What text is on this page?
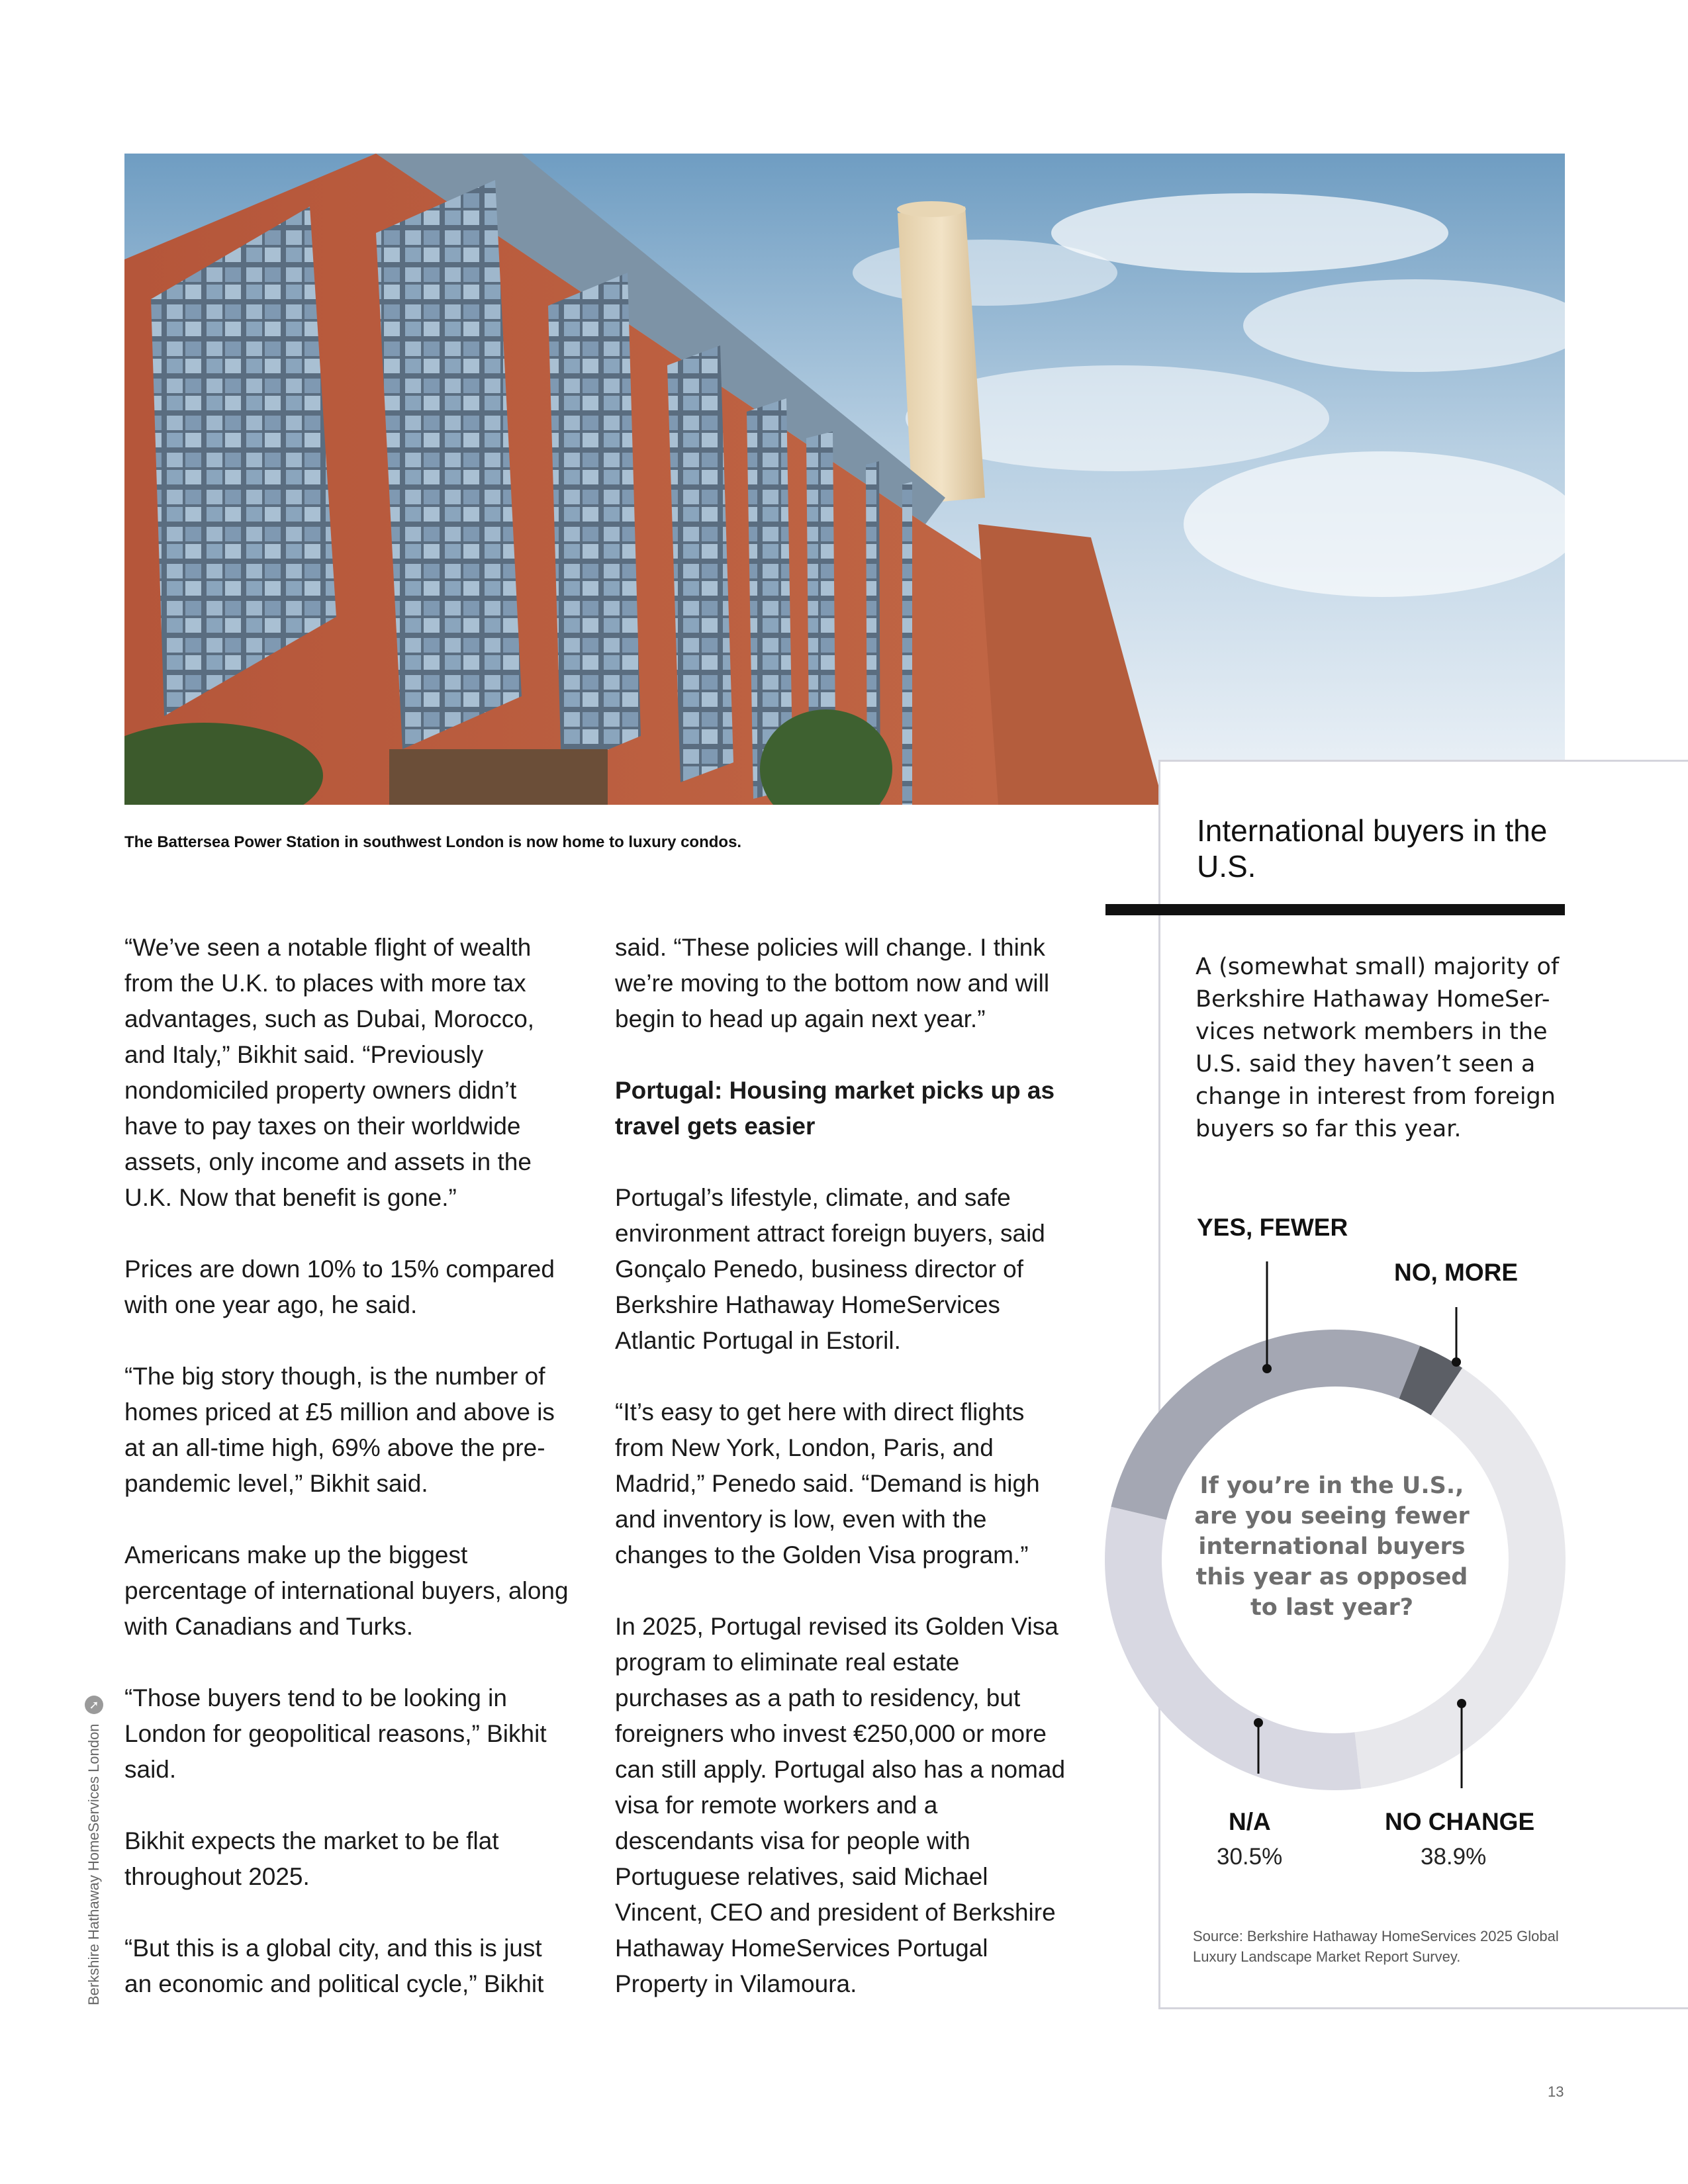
The Battersea Power Station in southwest London is now home to luxury condos.

“We’ve seen a notable flight of wealth from the U.K. to places with more tax advantages, such as Dubai, Morocco, and Italy,” Bikhit said. “Previously nondomiciled property owners didn’t have to pay taxes on their worldwide assets, only income and assets in the U.K. Now that benefit is gone.”

Prices are down 10% to 15% compared with one year ago, he said.

“The big story though, is the number of homes priced at £5 million and above is at an all-time high, 69% above the pre-pandemic level,” Bikhit said.

Americans make up the biggest percentage of international buyers, along with Canadians and Turks.

“Those buyers tend to be looking in London for geopolitical reasons,” Bikhit said.

Bikhit expects the market to be flat throughout 2025.

“But this is a global city, and this is just an economic and political cycle,” Bikhit

said. “These policies will change. I think we’re moving to the bottom now and will begin to head up again next year.”

Portugal: Housing market picks up as travel gets easier

Portugal’s lifestyle, climate, and safe environment attract foreign buyers, said Gonçalo Penedo, business director of Berkshire Hathaway HomeServices Atlantic Portugal in Estoril.

“It’s easy to get here with direct flights from New York, London, Paris, and Madrid,” Penedo said. “Demand is high and inventory is low, even with the changes to the Golden Visa program.”

In 2025, Portugal revised its Golden Visa program to eliminate real estate purchases as a path to residency, but foreigners who invest €250,000 or more can still apply. Portugal also has a nomad visa for remote workers and a descendants visa for people with Portuguese relatives, said Michael Vincent, CEO and president of Berkshire Hathaway HomeServices Portugal Property in Vilamoura.

Berkshire Hathaway HomeServices London
➚
International buyers in the U.S.
A (somewhat small) majority of Berkshire Hathaway HomeSer-vices network members in the U.S. said they haven’t seen a change in interest from foreign buyers so far this year.
YES, FEWER
NO, MORE
N/A
30.5%
NO CHANGE
38.9%
If you’re in the U.S., are you seeing fewer international buyers this year as opposed to last year?
Source: Berkshire Hathaway HomeServices 2025 Global Luxury Landscape Market Report Survey.
13
